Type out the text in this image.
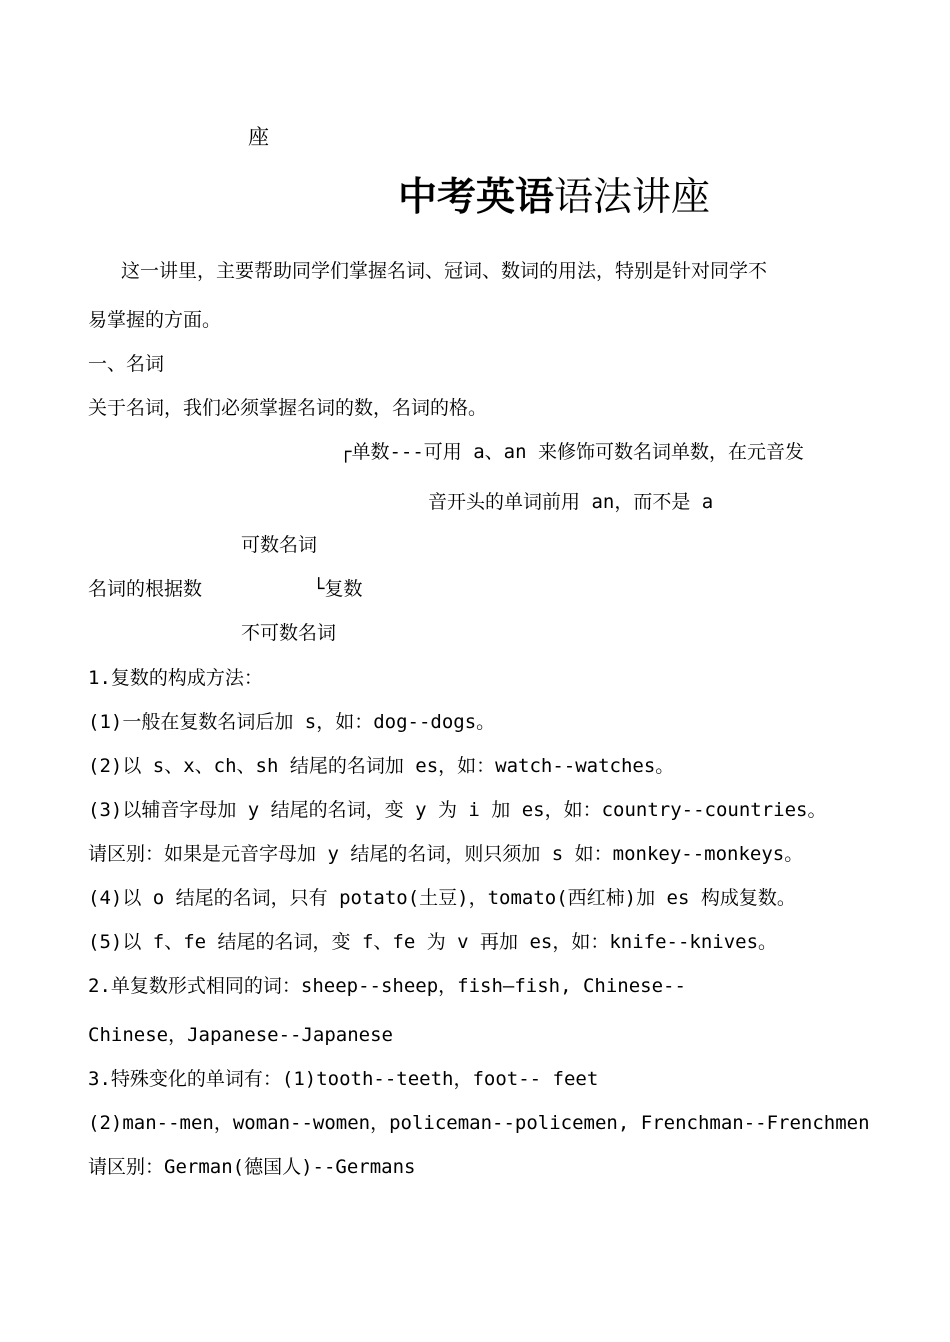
座
中考英语语法讲座
这一讲里，主要帮助同学们掌握名词、冠词、数词的用法，特别是针对同学不
易掌握的方面。
一、名词
关于名词，我们必须掌握名词的数，名词的格。
┌单数---可用 a、an 来修饰可数名词单数，在元音发
音开头的单词前用 an，而不是 a
可数名词
名词的根据数	└复数
不可数名词
1.复数的构成方法：
(1)一般在复数名词后加 s，如：dog--dogs。
(2)以 s、x、ch、sh 结尾的名词加 es，如：watch--watches。
(3)以辅音字母加 y 结尾的名词，变 y 为 i 加 es，如：country--countries。
请区别：如果是元音字母加 y 结尾的名词，则只须加 s 如：monkey--monkeys。
(4)以 o 结尾的名词，只有 potato(土豆)，tomato(西红柿)加 es 构成复数。
(5)以 f、fe 结尾的名词，变 f、fe 为 v 再加 es，如：knife--knives。
2.单复数形式相同的词：sheep--sheep，fish—fish, Chinese--
Chinese，Japanese--Japanese
3.特殊变化的单词有：(1)tooth--teeth，foot-- feet
(2)man--men，woman--women，policeman--policemen, Frenchman--Frenchmen
请区别：German(德国人)--Germans
